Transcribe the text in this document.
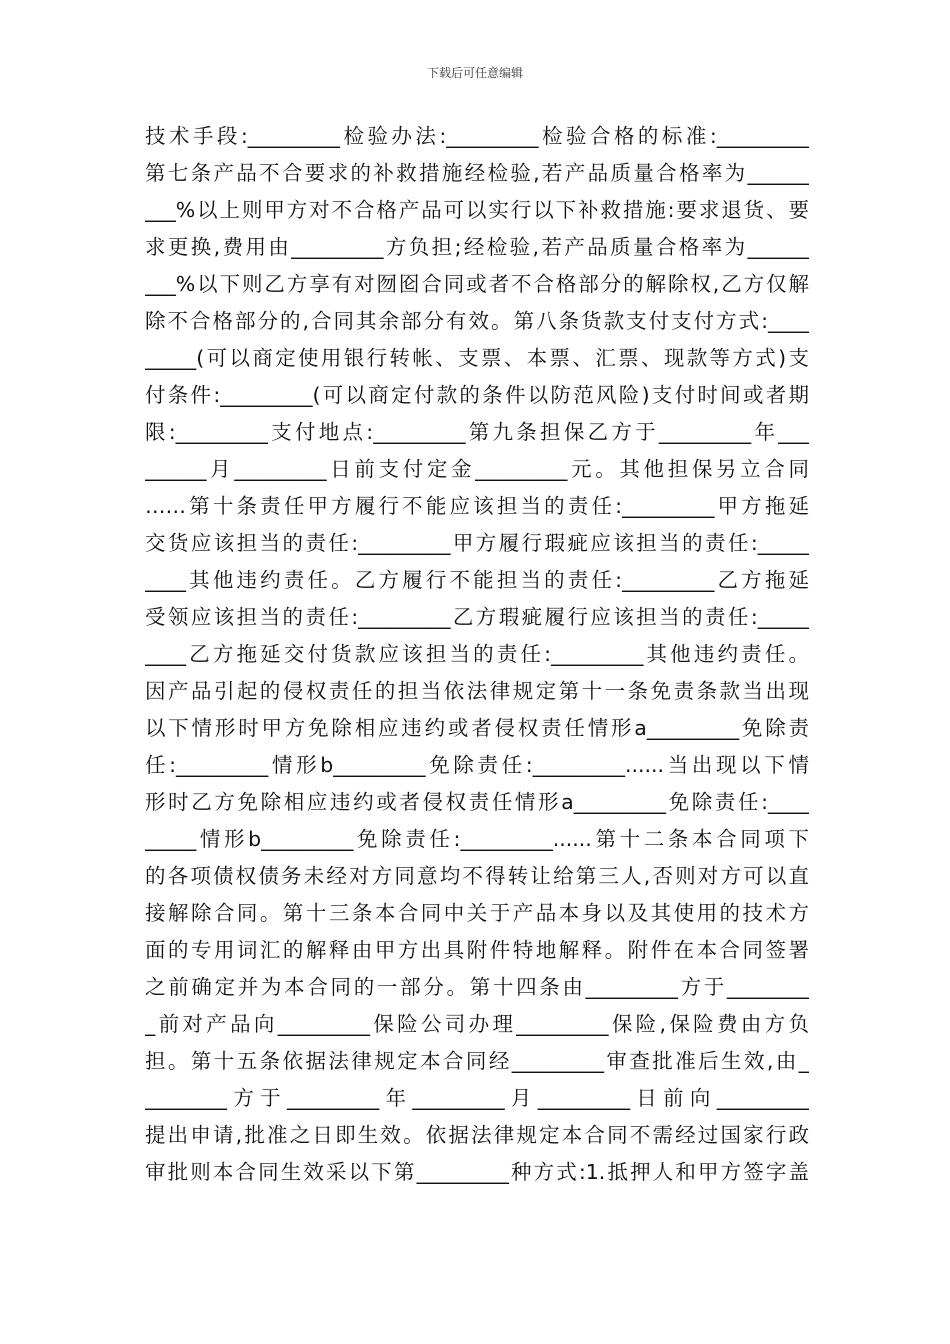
下载后可任意编辑
技术手段:_________检验办法:_________检验合格的标准:_________
第七条产品不合要求的补救措施经检验,若产品质量合格率为______
___%以上则甲方对不合格产品可以实行以下补救措施:要求退货、要
求更换,费用由_________方负担;经检验,若产品质量合格率为______
___%以下则乙方享有对囫囵合同或者不合格部分的解除权,乙方仅解
除不合格部分的,合同其余部分有效。第八条货款支付支付方式:____
_____(可以商定使用银行转帐、支票、本票、汇票、现款等方式)支
付条件:_________(可以商定付款的条件以防范风险)支付时间或者期
限:_________支付地点:_________第九条担保乙方于_________年___
______月_________日前支付定金_________元。其他担保另立合同
……第十条责任甲方履行不能应该担当的责任:_________甲方拖延
交货应该担当的责任:_________甲方履行瑕疵应该担当的责任:_____
____其他违约责任。乙方履行不能担当的责任:_________乙方拖延
受领应该担当的责任:_________乙方瑕疵履行应该担当的责任:_____
____乙方拖延交付货款应该担当的责任:_________其他违约责任。
因产品引起的侵权责任的担当依法律规定第十一条免责条款当出现
以下情形时甲方免除相应违约或者侵权责任情形a_________免除责
任:_________情形b_________免除责任:_________......当出现以下情
形时乙方免除相应违约或者侵权责任情形a_________免除责任:____
_____情形b_________免除责任:_________......第十二条本合同项下
的各项债权债务未经对方同意均不得转让给第三人,否则对方可以直
接解除合同。第十三条本合同中关于产品本身以及其使用的技术方
面的专用词汇的解释由甲方出具附件特地解释。附件在本合同签署
之前确定并为本合同的一部分。第十四条由_________方于________
_前对产品向_________保险公司办理_________保险,保险费由方负
担。第十五条依据法律规定本合同经_________审查批准后生效,由_
________方于_________年_________月_________日前向_________
提出申请,批准之日即生效。依据法律规定本合同不需经过国家行政
审批则本合同生效采以下第_________种方式:1.抵押人和甲方签字盖
